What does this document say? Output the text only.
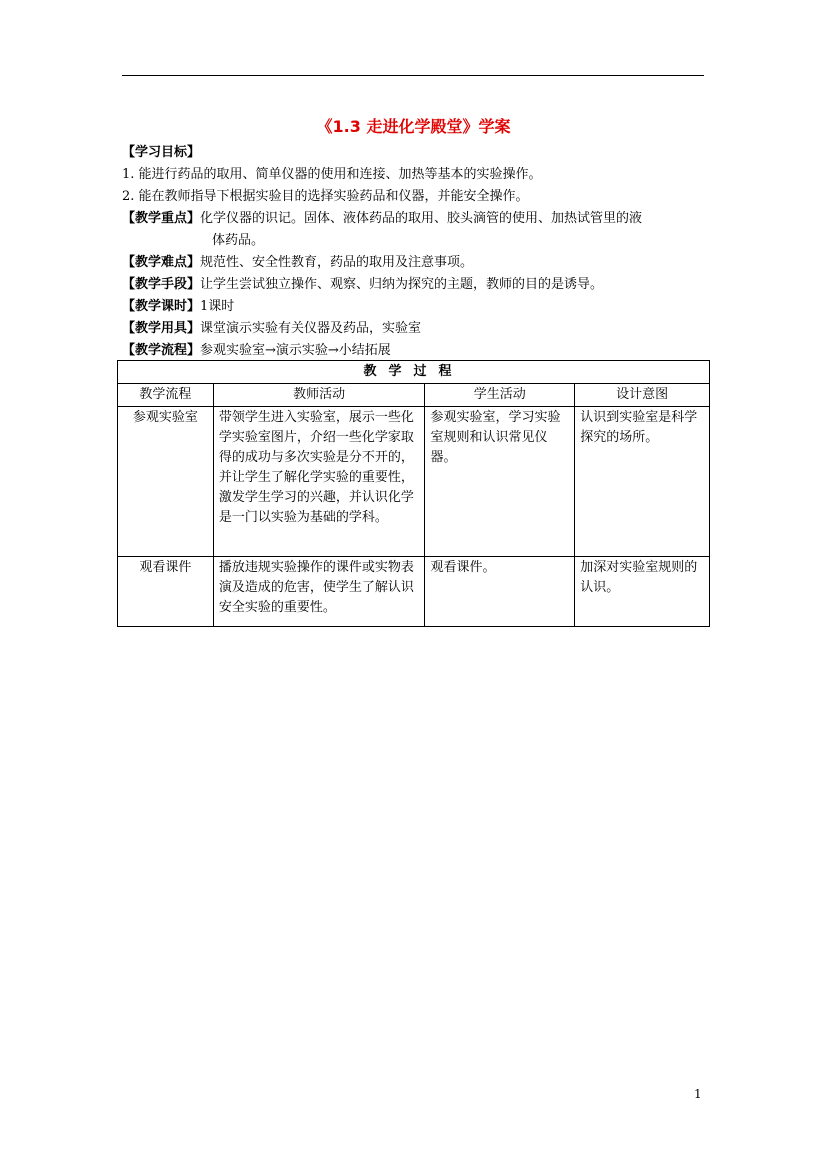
《1.3 走进化学殿堂》学案
【学习目标】
1. 能进行药品的取用、简单仪器的使用和连接、加热等基本的实验操作。
2. 能在教师指导下根据实验目的选择实验药品和仪器，并能安全操作。
【教学重点】化学仪器的识记。固体、液体药品的取用、胶头滴管的使用、加热试管里的液
体药品。
【教学难点】规范性、安全性教育，药品的取用及注意事项。
【教学手段】让学生尝试独立操作、观察、归纳为探究的主题，教师的目的是诱导。
【教学课时】1课时
【教学用具】课堂演示实验有关仪器及药品，实验室
【教学流程】参观实验室→演示实验→小结拓展
教学过程			
教学流程	教师活动	学生活动	设计意图
参观实验室	带领学生进入实验室，展示一些化学实验室图片，介绍一些化学家取得的成功与多次实验是分不开的，并让学生了解化学实验的重要性，激发学生学习的兴趣，并认识化学是一门以实验为基础的学科。	参观实验室，学习实验室规则和认识常见仪器。	认识到实验室是科学探究的场所。
观看课件	播放违规实验操作的课件或实物表演及造成的危害，使学生了解认识安全实验的重要性。	观看课件。	加深对实验室规则的认识。
1
